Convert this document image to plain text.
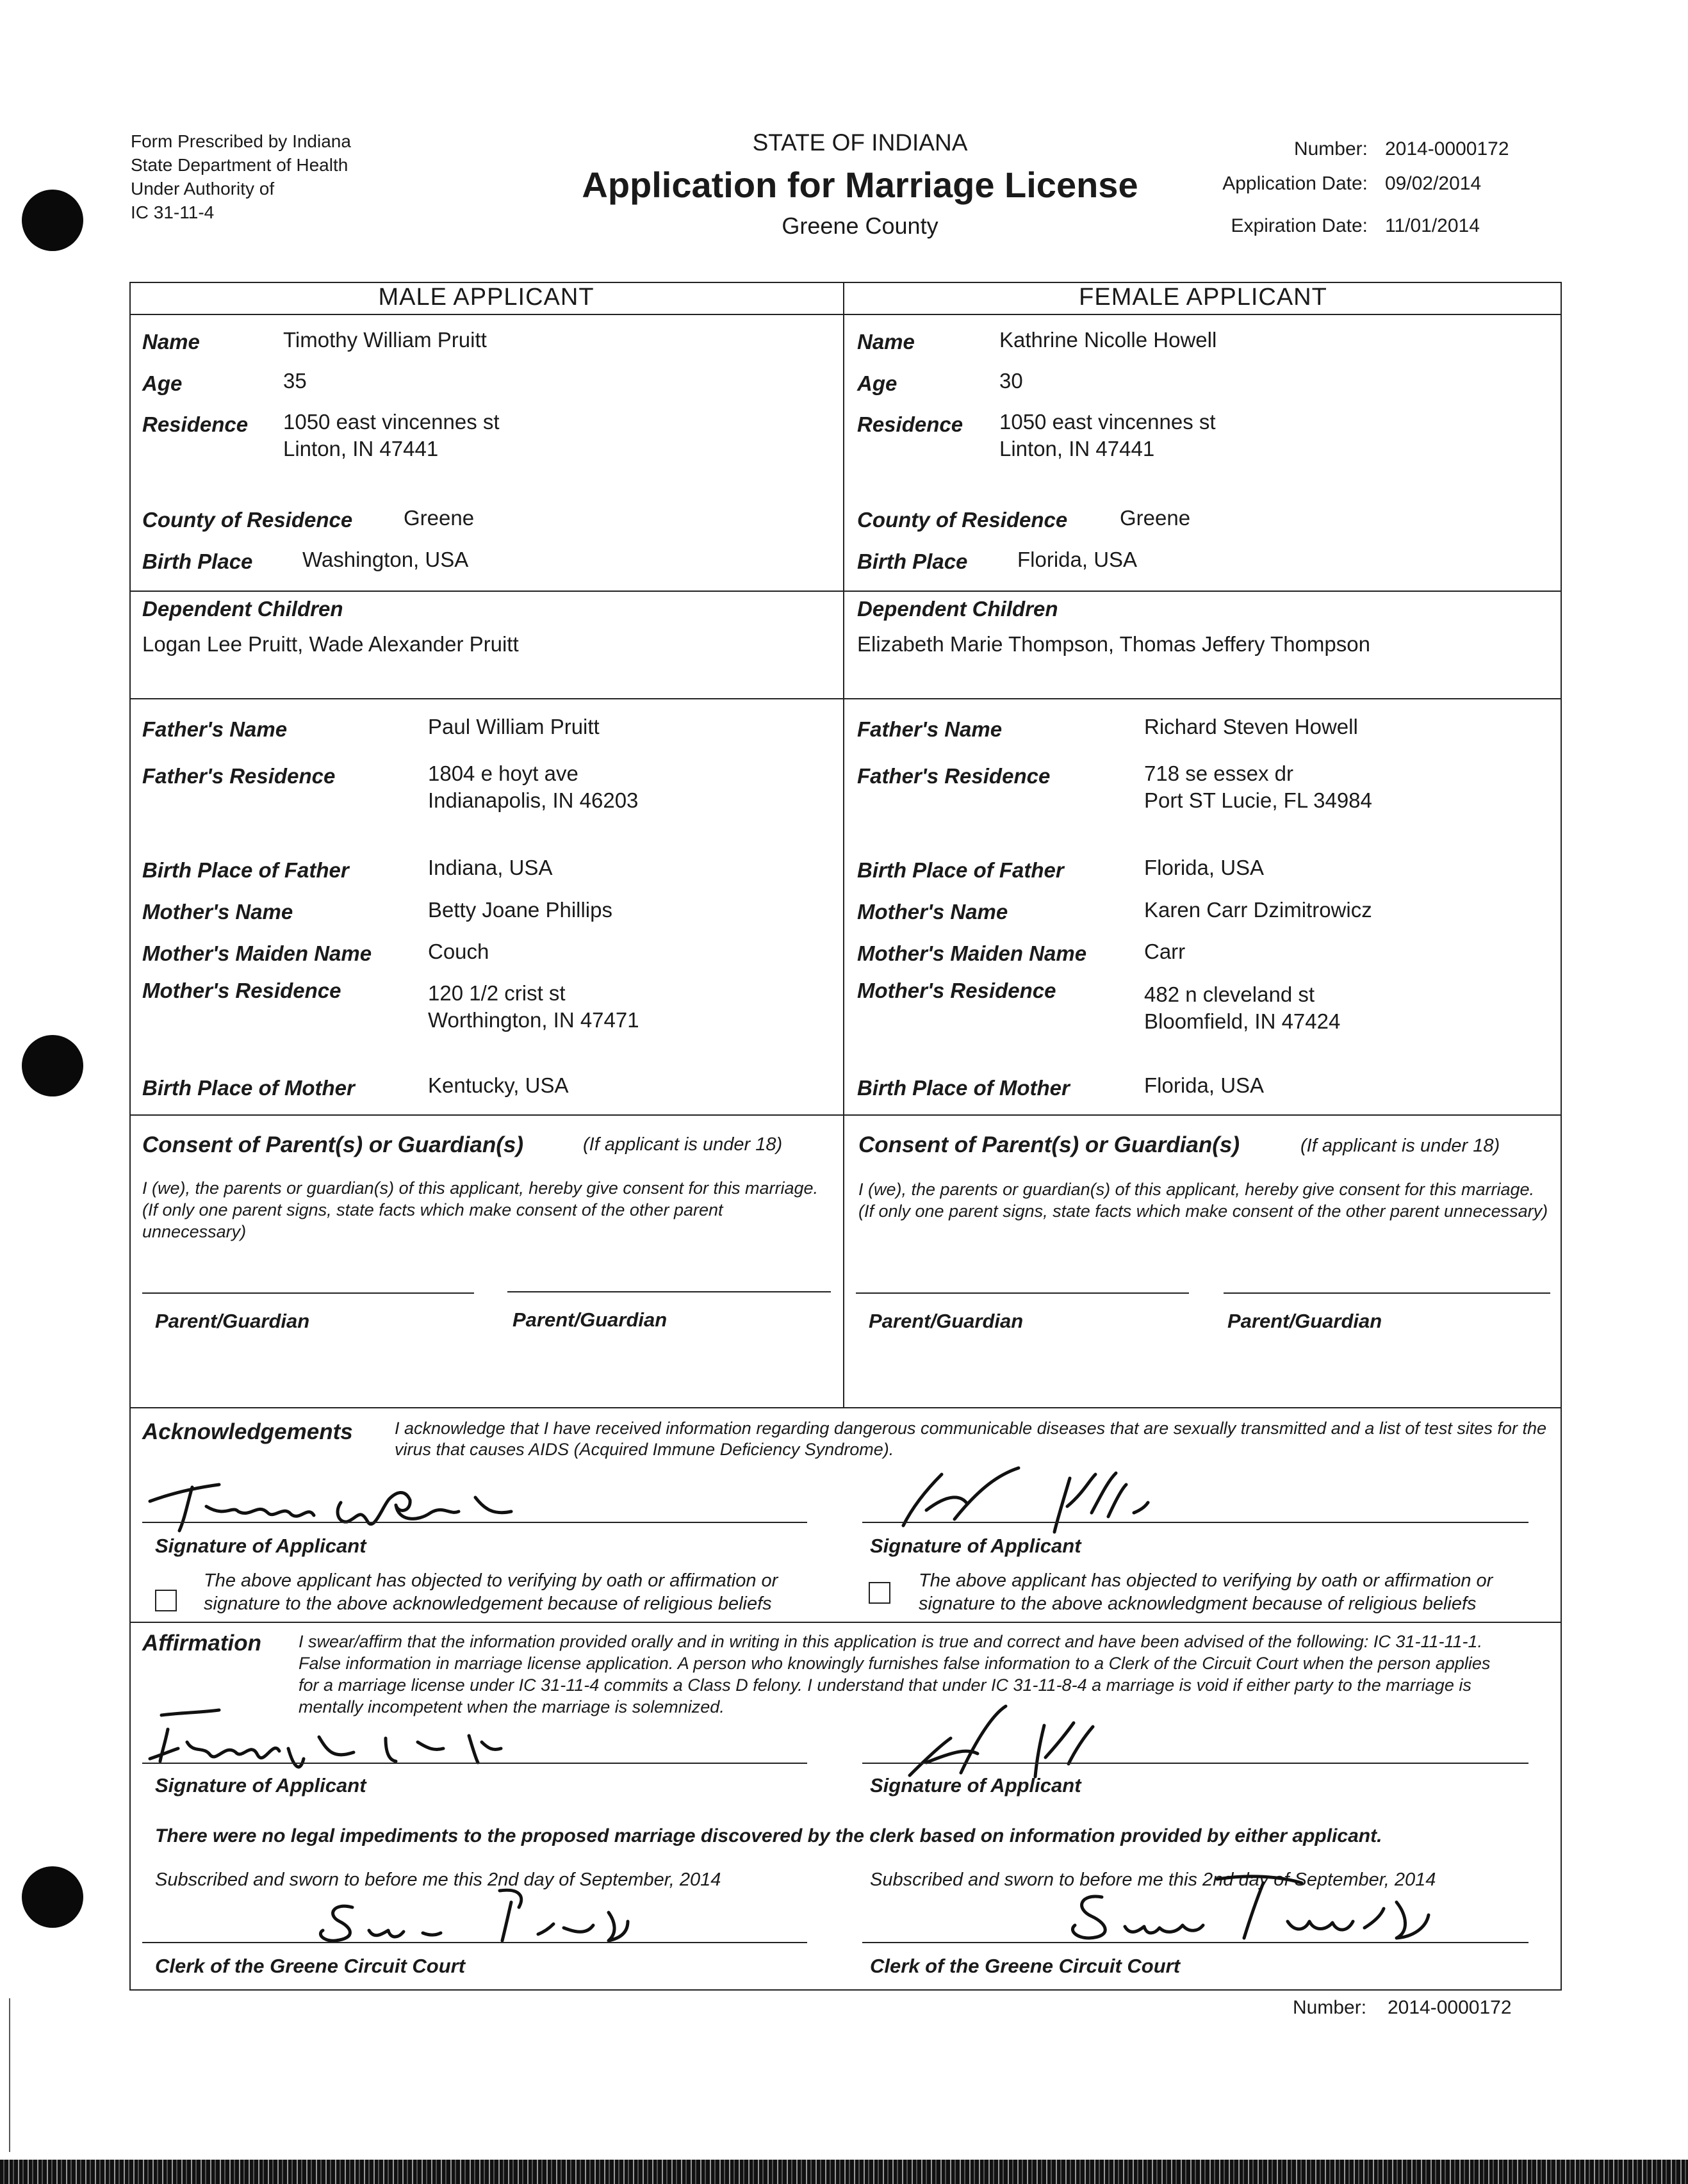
Form Prescribed by Indiana
State Department of Health
Under Authority of
IC 31-11-4
STATE OF INDIANA
Application for Marriage License
Greene County
Number: 2014-0000172
Application Date: 09/02/2014
Expiration Date: 11/01/2014
MALE APPLICANT	FEMALE APPLICANT
Name	Timothy William Pruitt
Age	35
Residence 1050 east vincennes st
Linton, IN 47441
County of Residence Greene
Birth Place Washington, USA
Name	Kathrine Nicolle Howell
Age	30
Residence 1050 east vincennes st
Linton, IN 47441
County of Residence Greene
Birth Place Florida, USA
Dependent Children
Logan Lee Pruitt, Wade Alexander Pruitt
Dependent Children
Elizabeth Marie Thompson, Thomas Jeffery Thompson
Father's Name	Paul William Pruitt
Father's Residence	1804 e hoyt ave
Indianapolis, IN 46203
Birth Place of Father	Indiana, USA
Mother's Name	Betty Joane Phillips
Mother's Maiden Name	Couch
Mother's Residence	120 1/2 crist st
Worthington, IN 47471
Birth Place of Mother	Kentucky, USA
Father's Name	Richard Steven Howell
Father's Residence	718 se essex dr
Port ST Lucie, FL 34984
Birth Place of Father	Florida, USA
Mother's Name	Karen Carr Dzimitrowicz
Mother's Maiden Name	Carr
Mother's Residence	482 n cleveland st
Bloomfield, IN 47424
Birth Place of Mother	Florida, USA
Consent of Parent(s) or Guardian(s)	(If applicant is under 18)
I (we), the parents or guardian(s) of this applicant, hereby give consent for this marriage. (If only one parent signs, state facts which make consent of the other parent unnecessary)
Parent/Guardian	Parent/Guardian
Consent of Parent(s) or Guardian(s)	(If applicant is under 18)
I (we), the parents or guardian(s) of this applicant, hereby give consent for this marriage. (If only one parent signs, state facts which make consent of the other parent unnecessary)
Parent/Guardian	Parent/Guardian
Acknowledgements I acknowledge that I have received information regarding dangerous communicable diseases that are sexually transmitted and a list of test sites for the virus that causes AIDS (Acquired Immune Deficiency Syndrome).
Signature of Applicant	Signature of Applicant
The above applicant has objected to verifying by oath or affirmation or signature to the above acknowledgement because of religious beliefs
The above applicant has objected to verifying by oath or affirmation or signature to the above acknowledgment because of religious beliefs
Affirmation I swear/affirm that the information provided orally and in writing in this application is true and correct and have been advised of the following: IC 31-11-11-1. False information in marriage license application. A person who knowingly furnishes false information to a Clerk of the Circuit Court when the person applies for a marriage license under IC 31-11-4 commits a Class D felony. I understand that under IC 31-11-8-4 a marriage is void if either party to the marriage is mentally incompetent when the marriage is solemnized.
Signature of Applicant	Signature of Applicant
There were no legal impediments to the proposed marriage discovered by the clerk based on information provided by either applicant.
Subscribed and sworn to before me this 2nd day of September, 2014
Clerk of the Greene Circuit Court
Subscribed and sworn to before me this 2nd day of September, 2014
Clerk of the Greene Circuit Court
Number: 2014-0000172
